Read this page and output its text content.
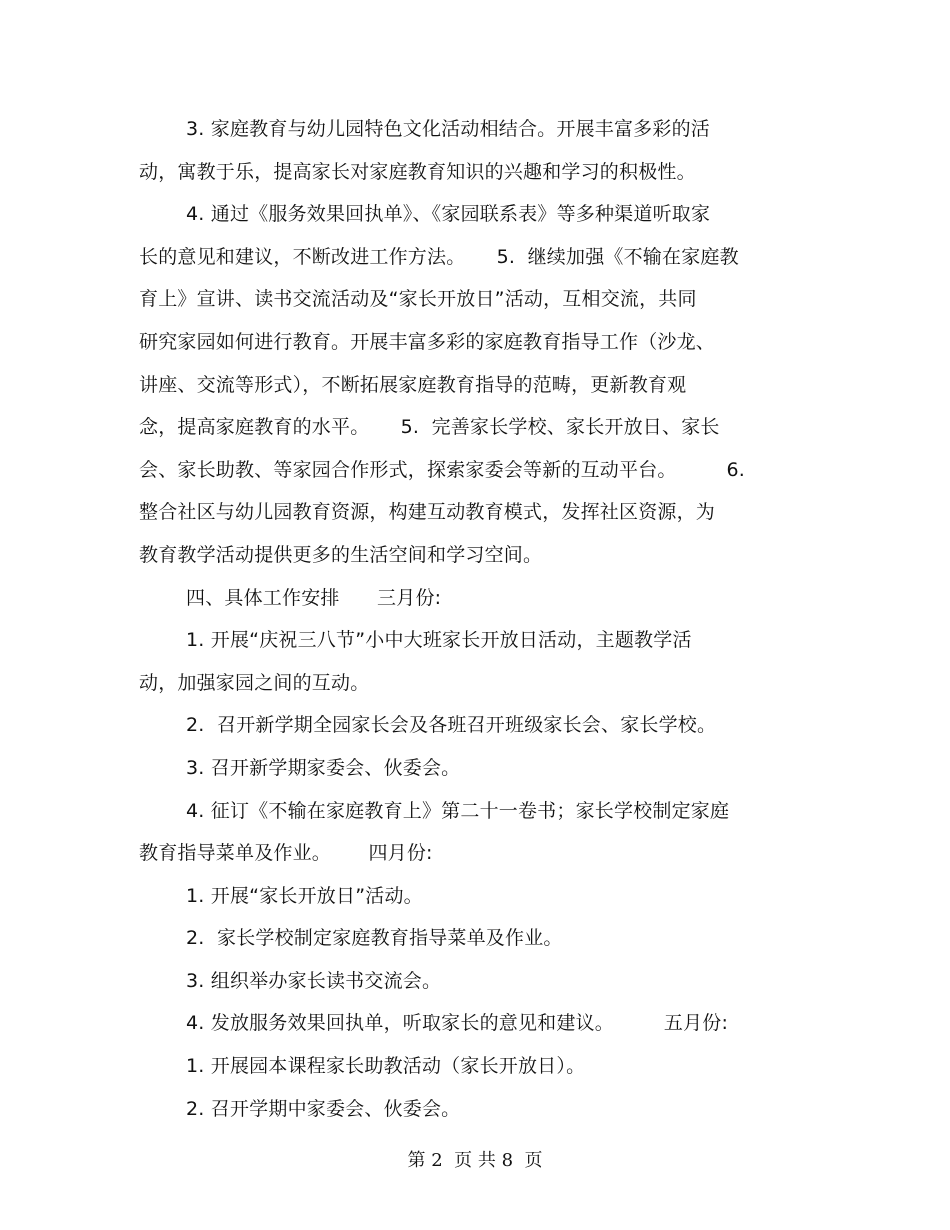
3. 家庭教育与幼儿园特色文化活动相结合。开展丰富多彩的活
动，寓教于乐，提高家长对家庭教育知识的兴趣和学习的积极性。
4. 通过《服务效果回执单》、《家园联系表》等多种渠道听取家
长的意见和建议，不断改进工作方法。     5.  继续加强《不输在家庭教
育上》宣讲、读书交流活动及“家长开放日”活动，互相交流，共同
研究家园如何进行教育。开展丰富多彩的家庭教育指导工作（沙龙、
讲座、交流等形式），不断拓展家庭教育指导的范畴，更新教育观
念，提高家庭教育的水平。     5.  完善家长学校、家长开放日、家长
会、家长助教、等家园合作形式，探索家委会等新的互动平台。        6.
整合社区与幼儿园教育资源，构建互动教育模式，发挥社区资源，为
教育教学活动提供更多的生活空间和学习空间。
四、具体工作安排      三月份:
1. 开展“庆祝三八节”小中大班家长开放日活动，主题教学活
动，加强家园之间的互动。
2.  召开新学期全园家长会及各班召开班级家长会、家长学校。
3. 召开新学期家委会、伙委会。
4. 征订《不输在家庭教育上》第二十一卷书；家长学校制定家庭
教育指导菜单及作业。      四月份:
1. 开展“家长开放日”活动。
2.  家长学校制定家庭教育指导菜单及作业。
3. 组织举办家长读书交流会。
4. 发放服务效果回执单，听取家长的意见和建议。        五月份:
1. 开展园本课程家长助教活动（家长开放日）。
2. 召开学期中家委会、伙委会。
第 2  页 共 8  页
